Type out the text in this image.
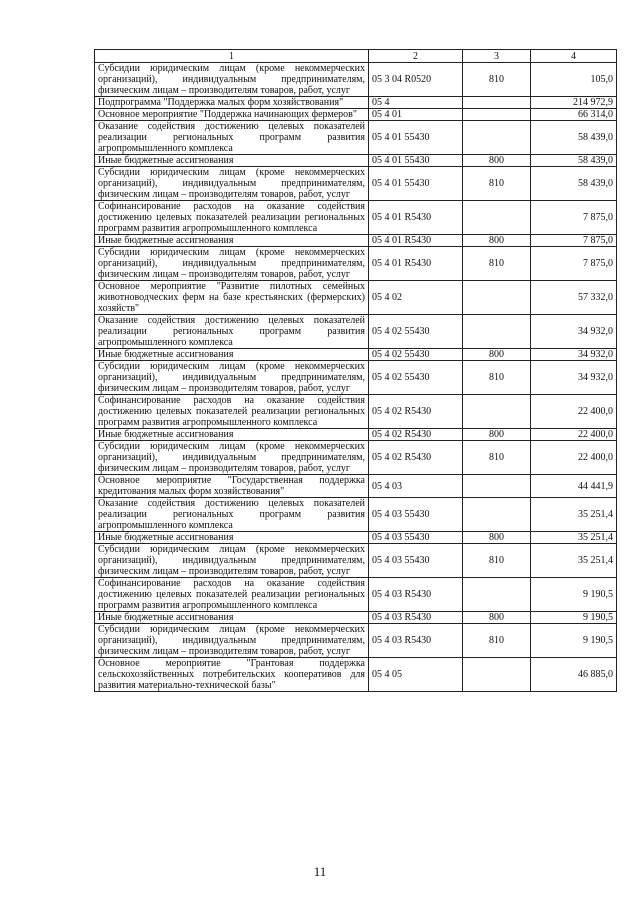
1	2	3	4
Субсидии юридическим лицам (кроме некоммерческих организаций), индивидуальным предпринимателям, физическим лицам – производителям товаров, работ, услуг	05 3 04 R0520	810	105,0
Подпрограмма "Поддержка малых форм хозяйствования"	05 4		214 972,9
Основное мероприятие "Поддержка начинающих фермеров"	05 4 01		66 314,0
Оказание содействия достижению целевых показателей реализации региональных программ развития агропромышленного комплекса	05 4 01 55430		58 439,0
Иные бюджетные ассигнования	05 4 01 55430	800	58 439,0
Субсидии юридическим лицам (кроме некоммерческих организаций), индивидуальным предпринимателям, физическим лицам – производителям товаров, работ, услуг	05 4 01 55430	810	58 439,0
Софинансирование расходов на оказание содействия достижению целевых показателей реализации региональных программ развития агропромышленного комплекса	05 4 01 R5430		7 875,0
Иные бюджетные ассигнования	05 4 01 R5430	800	7 875,0
Субсидии юридическим лицам (кроме некоммерческих организаций), индивидуальным предпринимателям, физическим лицам – производителям товаров, работ, услуг	05 4 01 R5430	810	7 875,0
Основное мероприятие "Развитие пилотных семейных животноводческих ферм на базе крестьянских (фермерских) хозяйств"	05 4 02		57 332,0
Оказание содействия достижению целевых показателей реализации региональных программ развития агропромышленного комплекса	05 4 02 55430		34 932,0
Иные бюджетные ассигнования	05 4 02 55430	800	34 932,0
Субсидии юридическим лицам (кроме некоммерческих организаций), индивидуальным предпринимателям, физическим лицам – производителям товаров, работ, услуг	05 4 02 55430	810	34 932,0
Софинансирование расходов на оказание содействия достижению целевых показателей реализации региональных программ развития агропромышленного комплекса	05 4 02 R5430		22 400,0
Иные бюджетные ассигнования	05 4 02 R5430	800	22 400,0
Субсидии юридическим лицам (кроме некоммерческих организаций), индивидуальным предпринимателям, физическим лицам – производителям товаров, работ, услуг	05 4 02 R5430	810	22 400,0
Основное мероприятие "Государственная поддержка кредитования малых форм хозяйствования"	05 4 03		44 441,9
Оказание содействия достижению целевых показателей реализации региональных программ развития агропромышленного комплекса	05 4 03 55430		35 251,4
Иные бюджетные ассигнования	05 4 03 55430	800	35 251,4
Субсидии юридическим лицам (кроме некоммерческих организаций), индивидуальным предпринимателям, физическим лицам – производителям товаров, работ, услуг	05 4 03 55430	810	35 251,4
Софинансирование расходов на оказание содействия достижению целевых показателей реализации региональных программ развития агропромышленного комплекса	05 4 03 R5430		9 190,5
Иные бюджетные ассигнования	05 4 03 R5430	800	9 190,5
Субсидии юридическим лицам (кроме некоммерческих организаций), индивидуальным предпринимателям, физическим лицам – производителям товаров, работ, услуг	05 4 03 R5430	810	9 190,5
Основное мероприятие "Грантовая поддержка сельскохозяйственных потребительских кооперативов для развития материально-технической базы"	05 4 05		46 885,0
11
